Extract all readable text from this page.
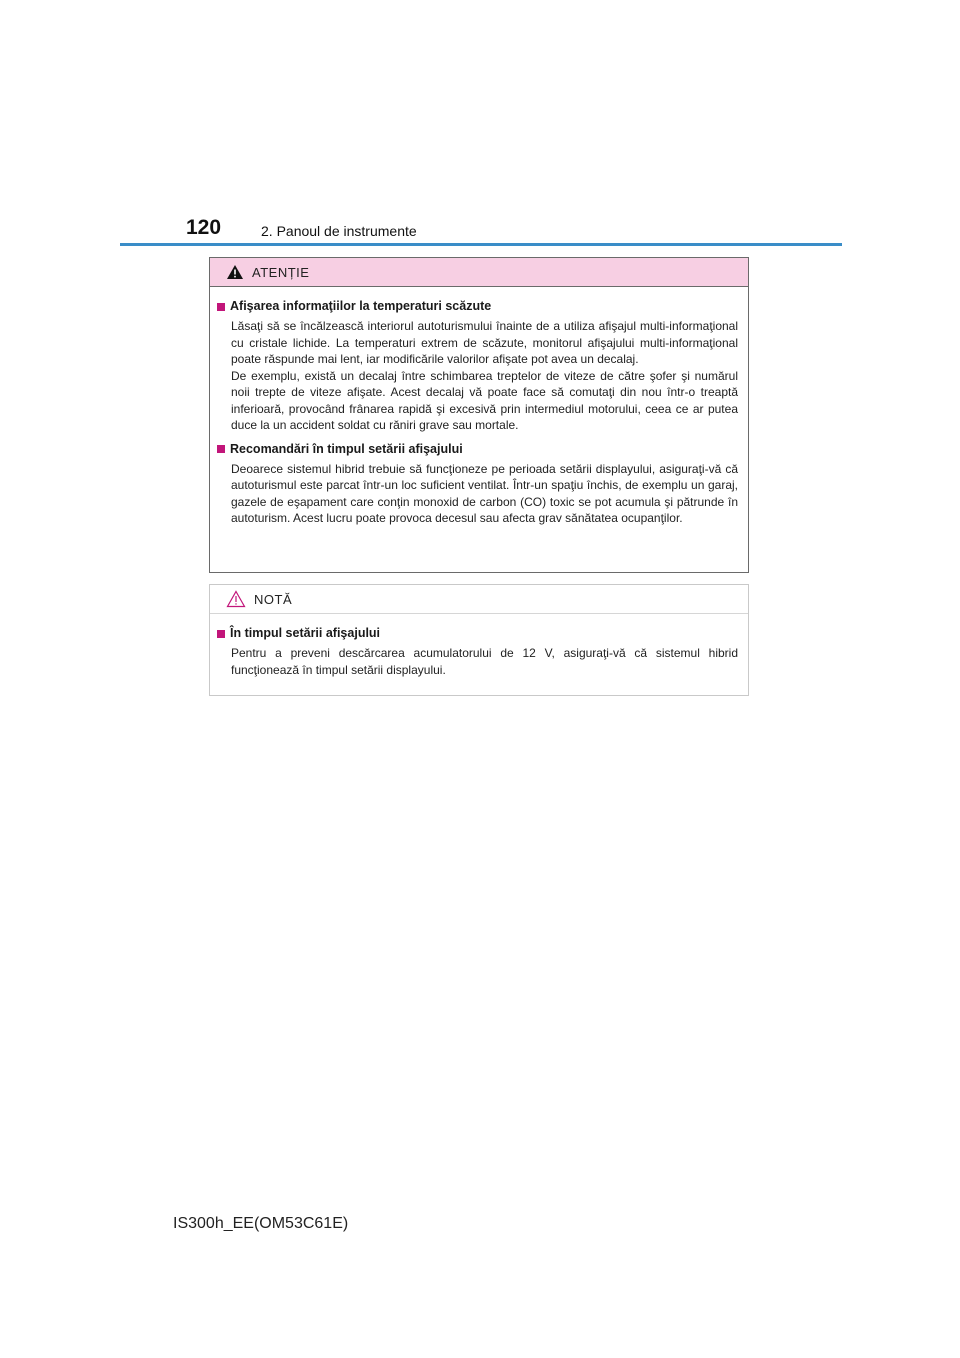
120	2. Panoul de instrumente
ATENȚIE
Afişarea informaţiilor la temperaturi scăzute

Lăsaţi să se încălzească interiorul autoturismului înainte de a utiliza afişajul multi-informaţional cu cristale lichide. La temperaturi extrem de scăzute, monitorul afişajului multi-informaţional poate răspunde mai lent, iar modificările valorilor afişate pot avea un decalaj.

De exemplu, există un decalaj între schimbarea treptelor de viteze de către şofer şi numărul noii trepte de viteze afişate. Acest decalaj vă poate face să comutaţi din nou într-o treaptă inferioară, provocând frânarea rapidă şi excesivă prin intermediul motorului, ceea ce ar putea duce la un accident soldat cu răniri grave sau mortale.

Recomandări în timpul setării afişajului

Deoarece sistemul hibrid trebuie să funcţioneze pe perioada setării displayului, asiguraţi-vă că autoturismul este parcat într-un loc suficient ventilat. Într-un spaţiu închis, de exemplu un garaj, gazele de eşapament care conţin monoxid de carbon (CO) toxic se pot acumula şi pătrunde în autoturism. Acest lucru poate provoca decesul sau afecta grav sănătatea ocupanţilor.

NOTĂ
În timpul setării afişajului

Pentru a preveni descărcarea acumulatorului de 12 V, asiguraţi-vă că sistemul hibrid funcţionează în timpul setării displayului.

IS300h_EE(OM53C61E)
